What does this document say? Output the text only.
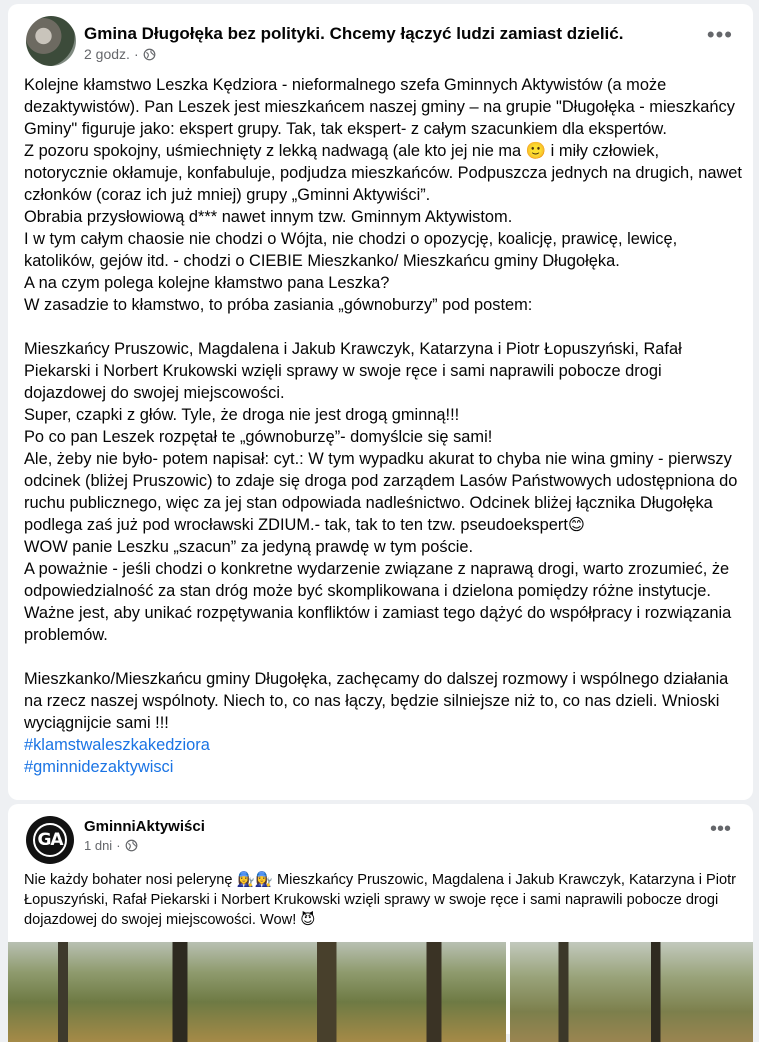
Gmina Długołęka bez polityki. Chcemy łączyć ludzi zamiast dzielić.
2 godz. ·
•••

Kolejne kłamstwo Leszka Kędziora - nieformalnego szefa Gminnych Aktywistów (a może dezaktywistów). Pan Leszek jest mieszkańcem naszej gminy – na grupie "Długołęka - mieszkańcy Gminy" figuruje jako: ekspert grupy. Tak, tak ekspert- z całym szacunkiem dla ekspertów.

Z pozoru spokojny, uśmiechnięty z lekką nadwagą (ale kto jej nie ma 🙂 i miły człowiek, notorycznie okłamuje, konfabuluje, podjudza mieszkańców. Podpuszcza jednych na drugich, nawet członków (coraz ich już mniej) grupy „Gminni Aktywiści”.

Obrabia przysłowiową d*** nawet innym tzw. Gminnym Aktywistom.

I w tym całym chaosie nie chodzi o Wójta, nie chodzi o opozycję, koalicję, prawicę, lewicę, katolików, gejów itd. - chodzi o CIEBIE Mieszkanko/ Mieszkańcu gminy Długołęka.

A na czym polega kolejne kłamstwo pana Leszka?

W zasadzie to kłamstwo, to próba zasiania „gównoburzy” pod postem:

Mieszkańcy Pruszowic, Magdalena i Jakub Krawczyk, Katarzyna i Piotr Łopuszyński, Rafał Piekarski i Norbert Krukowski wzięli sprawy w swoje ręce i sami naprawili pobocze drogi dojazdowej do swojej miejscowości.

Super, czapki z głów. Tyle, że droga nie jest drogą gminną!!!

Po co pan Leszek rozpętał te „gównoburzę”- domyślcie się sami!

Ale, żeby nie było- potem napisał: cyt.: W tym wypadku akurat to chyba nie wina gminy - pierwszy odcinek (bliżej Pruszowic) to zdaje się droga pod zarządem Lasów Państwowych udostępniona do ruchu publicznego, więc za jej stan odpowiada nadleśnictwo. Odcinek bliżej łącznika Długołęka podlega zaś już pod wrocławski ZDIUM.- tak, tak to ten tzw. pseudoekspert😊

WOW panie Leszku „szacun” za jedyną prawdę w tym poście.

A poważnie - jeśli chodzi o konkretne wydarzenie związane z naprawą drogi, warto zrozumieć, że odpowiedzialność za stan dróg może być skomplikowana i dzielona pomiędzy różne instytucje. Ważne jest, aby unikać rozpętywania konfliktów i zamiast tego dążyć do współpracy i rozwiązania problemów.

Mieszkanko/Mieszkańcu gminy Długołęka, zachęcamy do dalszej rozmowy i wspólnego działania na rzecz naszej wspólnoty. Niech to, co nas łączy, będzie silniejsze niż to, co nas dzieli. Wnioski wyciągnijcie sami !!!

#klamstwaleszkakedziora
#gminnidezaktywisci
GA
GminniAktywiści
1 dni ·
•••
Nie każdy bohater nosi pelerynę 👩‍🔧👩‍🔧 Mieszkańcy Pruszowic, Magdalena i Jakub Krawczyk, Katarzyna i Piotr Łopuszyński, Rafał Piekarski i Norbert Krukowski wzięli sprawy w swoje ręce i sami naprawili pobocze drogi dojazdowej do swojej miejscowości. Wow! 😈
